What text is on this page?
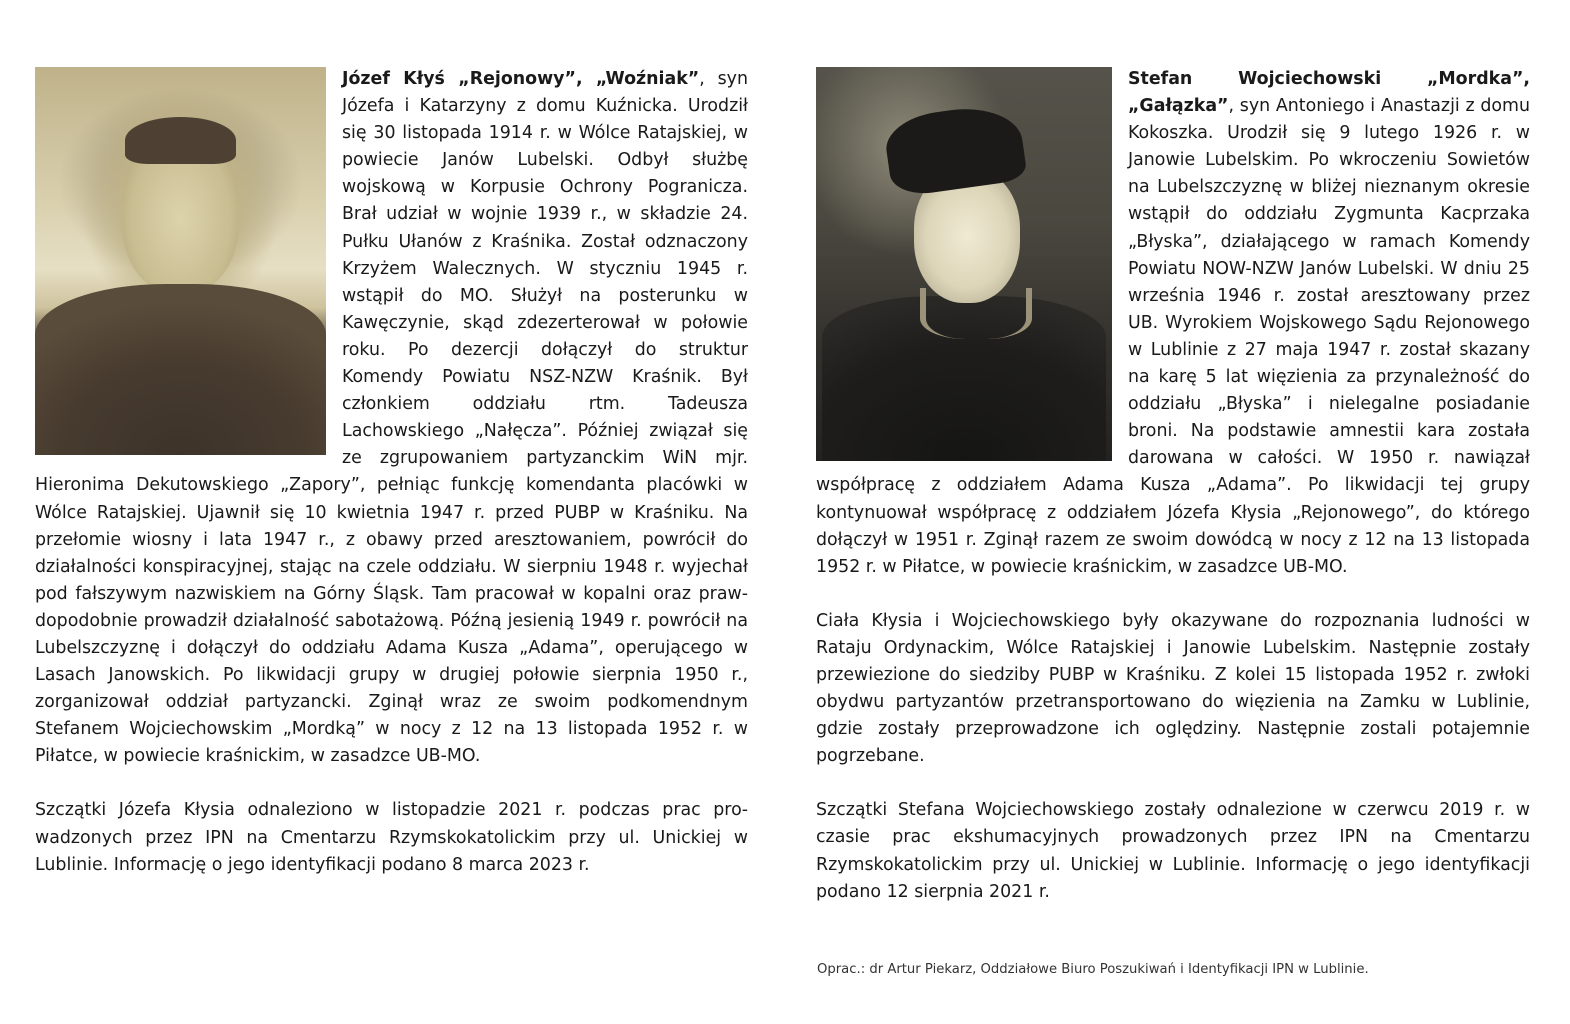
Józef Kłyś „Rejonowy”, „Woźniak”, syn Józefa i Katarzyny z domu Kuźnicka. Urodził się 30 listopada 1914 r. w Wólce Ratajskiej, w powiecie Janów Lubelski. Odbył służbę wojskową w Korpusie Ochrony Pogranicza. Brał udział w wojnie 1939 r., w składzie 24. Pułku Ułanów z Kraśnika. Został odznaczony Krzyżem Walecznych. W styczniu 1945 r. wstąpił do MO. Służył na posterunku w Kawęczynie, skąd zdezerterował w połowie roku. Po dezercji dołączył do struktur Komendy Powiatu NSZ-NZW Kraśnik. Był członkiem oddziału rtm. Tadeusza Lachowskiego „Nałęcza”. Później związał się ze zgrupowaniem partyzanckim WiN mjr. Hieronima Dekutowskiego „Zapory”, pełniąc funkcję komendanta placówki w Wólce Ratajskiej. Ujawnił się 10 kwietnia 1947 r. przed PUBP w Kraśniku. Na przełomie wiosny i lata 1947 r., z obawy przed aresztowaniem, powrócił do działalności konspiracyjnej, stając na czele oddziału. W sierpniu 1948 r. wyjechał pod fałszywym nazwiskiem na Górny Śląsk. Tam pracował w kopalni oraz prawdopodobnie prowadził działalność sabotażową. Późną jesienią 1949 r. powrócił na Lubelszczyznę i dołączył do oddziału Adama Kusza „Adama”, operującego w Lasach Janowskich. Po likwidacji grupy w drugiej połowie sierpnia 1950 r., zorganizował oddział partyzancki. Zginął wraz ze swoim podkomendnym Stefanem Wojciechowskim „Mordką” w nocy z 12 na 13 listopada 1952 r. w Piłatce, w powiecie kraśnickim, w zasadzce UB-MO.

Szczątki Józefa Kłysia odnaleziono w listopadzie 2021 r. podczas prac prowadzonych przez IPN na Cmentarzu Rzymskokatolickim przy ul. Unickiej w Lublinie. Informację o jego identyfikacji podano 8 marca 2023 r.

Stefan Wojciechowski „Mordka”, „Gałązka”, syn Antoniego i Anastazji z domu Kokoszka. Urodził się 9 lutego 1926 r. w Janowie Lubelskim. Po wkroczeniu Sowietów na Lubelszczyznę w bliżej nieznanym okresie wstąpił do oddziału Zygmunta Kacprzaka „Błyska”, działającego w ramach Komendy Powiatu NOW-NZW Janów Lubelski. W dniu 25 września 1946 r. został aresztowany przez UB. Wyrokiem Wojskowego Sądu Rejonowego w Lublinie z 27 maja 1947 r. został skazany na karę 5 lat więzienia za przynależność do oddziału „Błyska” i nielegalne posiadanie broni. Na podstawie amnestii kara została darowana w całości. W 1950 r. nawiązał współpracę z oddziałem Adama Kusza „Adama”. Po likwidacji tej grupy kontynuował współpracę z oddziałem Józefa Kłysia „Rejonowego”, do którego dołączył w 1951 r. Zginął razem ze swoim dowódcą w nocy z 12 na 13 listopada 1952 r. w Piłatce, w powiecie kraśnickim, w zasadzce UB-MO.

Ciała Kłysia i Wojciechowskiego były okazywane do rozpoznania ludności w Rataju Ordynackim, Wólce Ratajskiej i Janowie Lubelskim. Następnie zostały przewiezione do siedziby PUBP w Kraśniku. Z kolei 15 listopada 1952 r. zwłoki obydwu partyzantów przetransportowano do więzienia na Zamku w Lublinie, gdzie zostały przeprowadzone ich oględziny. Następnie zostali potajemnie pogrzebane.

Szczątki Stefana Wojciechowskiego zostały odnalezione w czerwcu 2019 r. w czasie prac ekshumacyjnych prowadzonych przez IPN na Cmentarzu Rzymskokatolickim przy ul. Unickiej w Lublinie. Informację o jego identyfikacji podano 12 sierpnia 2021 r.

Oprac.: dr Artur Piekarz, Oddziałowe Biuro Poszukiwań i Identyfikacji IPN w Lublinie.
